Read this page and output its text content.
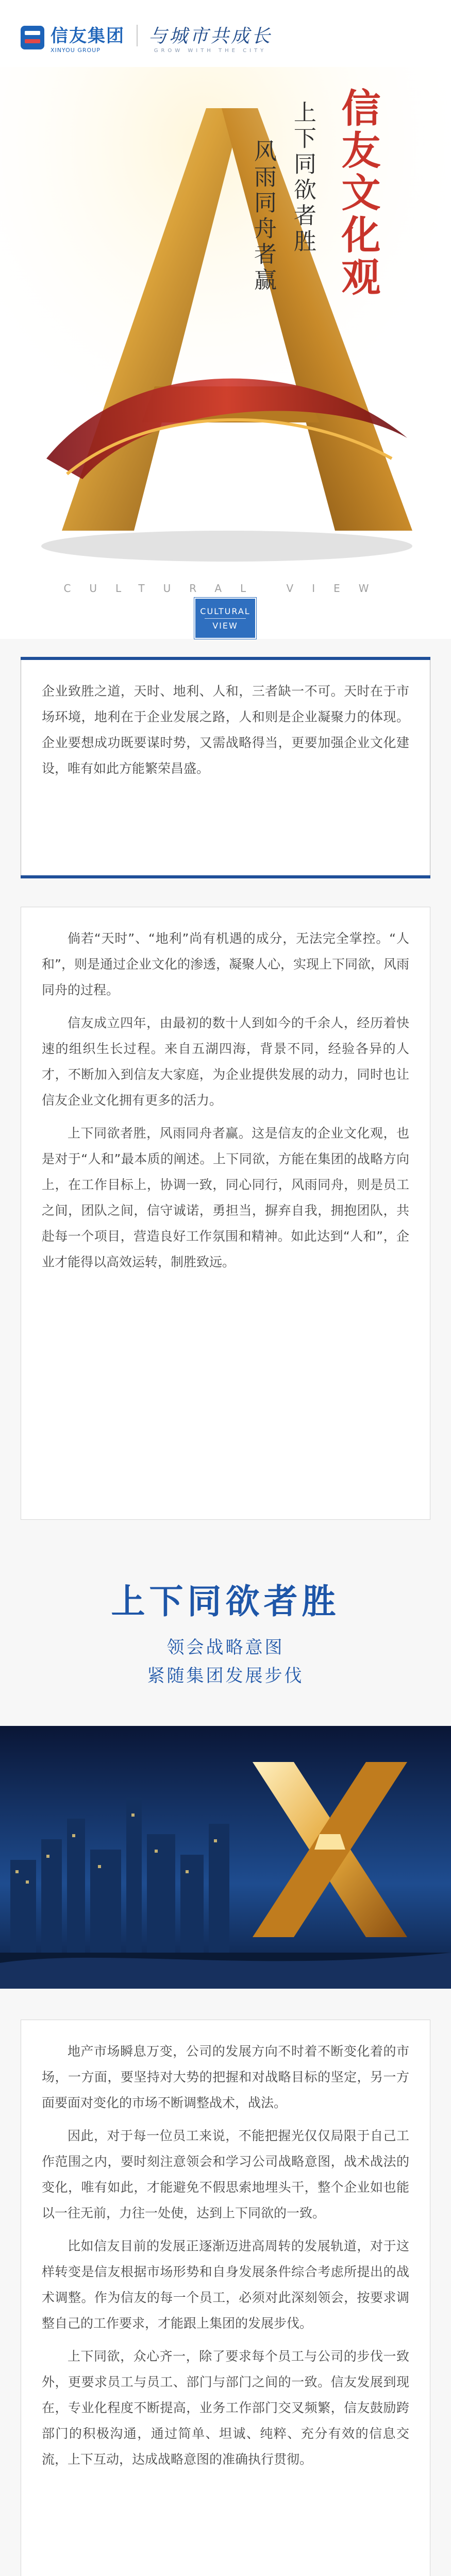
信友集团
XINYOU GROUP
与城市共成长
GROW WITH THE CITY
信友文化观
上下同欲者胜
风雨同舟者赢
CULTURAL VIEW
CULTURAL
VIEW

企业致胜之道，天时、地利、人和，三者缺一不可。天时在于市场环境，地利在于企业发展之路，人和则是企业凝聚力的体现。企业要想成功既要谋时势，又需战略得当，更要加强企业文化建设，唯有如此方能繁荣昌盛。

倘若“天时”、“地利”尚有机遇的成分，无法完全掌控。“人和”，则是通过企业文化的渗透，凝聚人心，实现上下同欲，风雨同舟的过程。

信友成立四年，由最初的数十人到如今的千余人，经历着快速的组织生长过程。来自五湖四海，背景不同，经验各异的人才，不断加入到信友大家庭，为企业提供发展的动力，同时也让信友企业文化拥有更多的活力。

上下同欲者胜，风雨同舟者赢。这是信友的企业文化观，也是对于“人和”最本质的阐述。上下同欲，方能在集团的战略方向上，在工作目标上，协调一致，同心同行，风雨同舟，则是员工之间，团队之间，信守诚诺，勇担当，摒弃自我，拥抱团队，共赴每一个项目，营造良好工作氛围和精神。如此达到“人和”，企业才能得以高效运转，制胜致远。

上下同欲者胜
领会战略意图
紧随集团发展步伐

地产市场瞬息万变，公司的发展方向不时着不断变化着的市场，一方面，要坚持对大势的把握和对战略目标的坚定，另一方面要面对变化的市场不断调整战术，战法。

因此，对于每一位员工来说，不能把握光仅仅局限于自己工作范围之内，要时刻注意领会和学习公司战略意图，战术战法的变化，唯有如此，才能避免不假思索地埋头干，整个企业如也能以一往无前，力往一处使，达到上下同欲的一致。

比如信友目前的发展正逐渐迈进高周转的发展轨道，对于这样转变是信友根据市场形势和自身发展条件综合考虑所提出的战术调整。作为信友的每一个员工，必须对此深刻领会，按要求调整自己的工作要求，才能跟上集团的发展步伐。

上下同欲，众心齐一，除了要求每个员工与公司的步伐一致外，更要求员工与员工、部门与部门之间的一致。信友发展到现在，专业化程度不断提高，业务工作部门交叉频繁，信友鼓励跨部门的积极沟通，通过简单、坦诚、纯粹、充分有效的信息交流，上下互动，达成战略意图的准确执行贯彻。
